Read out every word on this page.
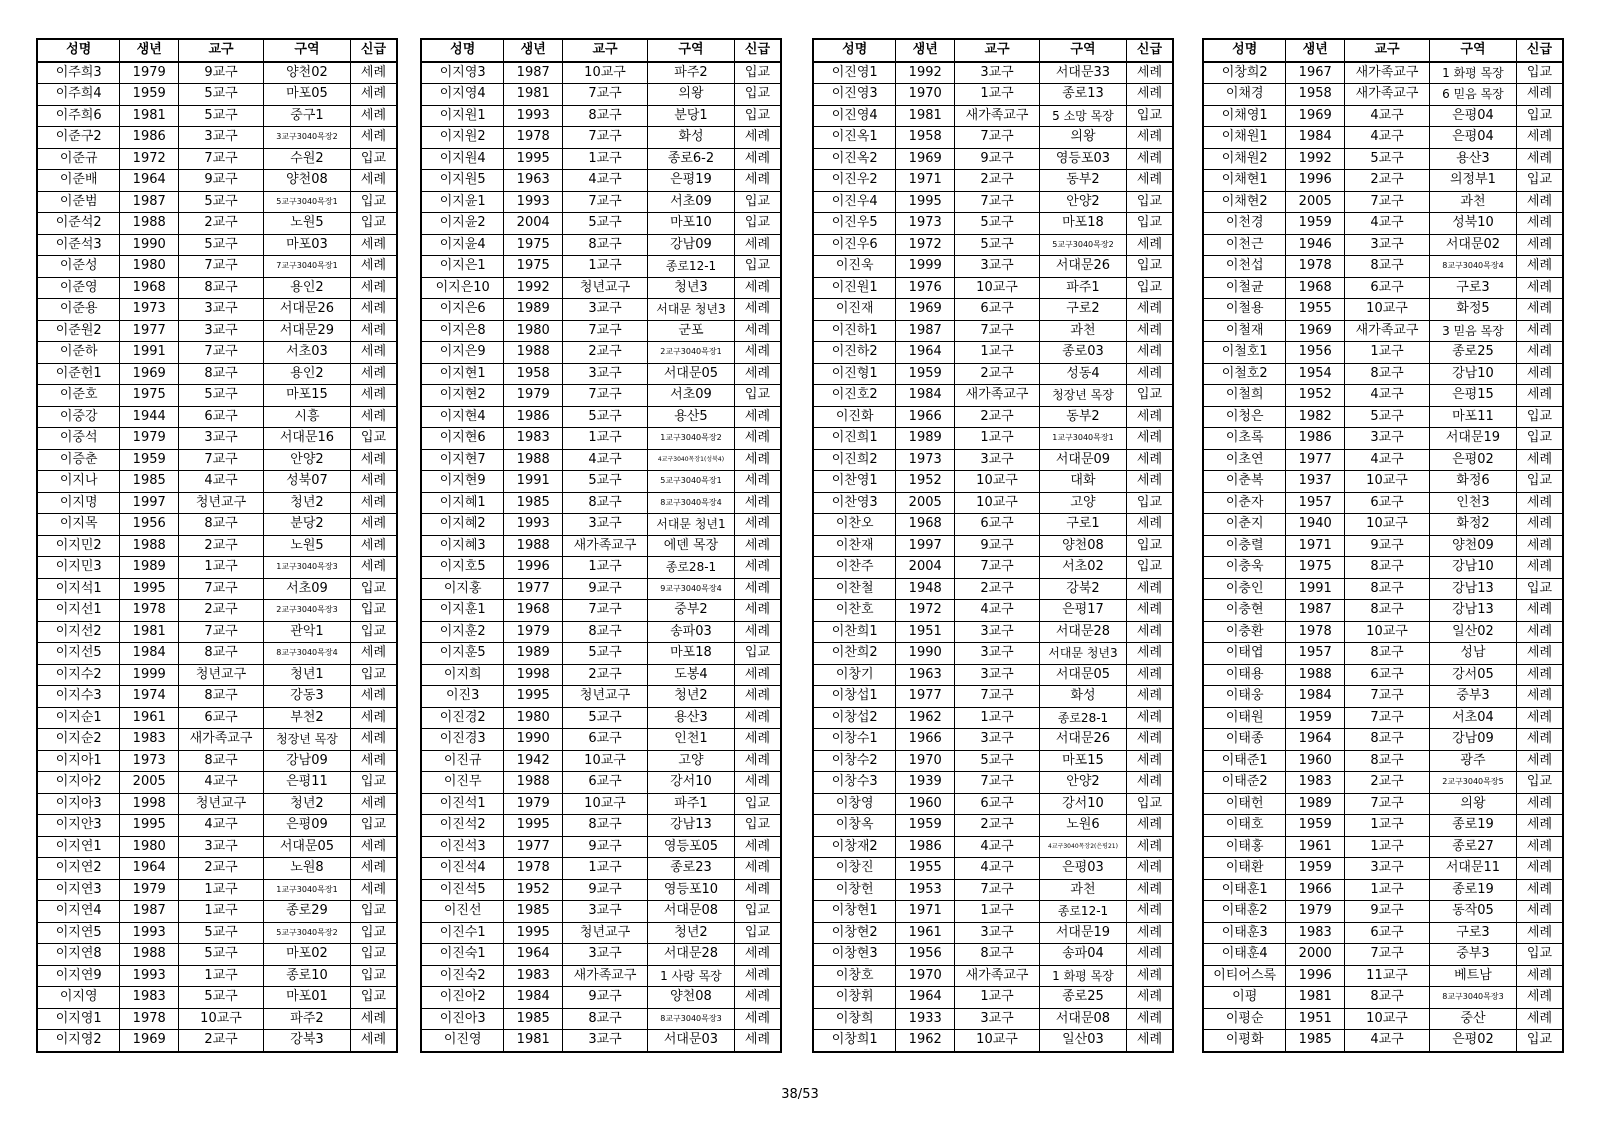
성명	생년	교구	구역	신급
이주희3	1979	9교구	양천02	세례
이주희4	1959	5교구	마포05	세례
이주희6	1981	5교구	중구1	세례
이준구2	1986	3교구	3교구3040목장2	세례
이준규	1972	7교구	수원2	입교
이준배	1964	9교구	양천08	세례
이준범	1987	5교구	5교구3040목장1	입교
이준석2	1988	2교구	노원5	입교
이준석3	1990	5교구	마포03	세례
이준성	1980	7교구	7교구3040목장1	세례
이준영	1968	8교구	용인2	세례
이준용	1973	3교구	서대문26	세례
이준원2	1977	3교구	서대문29	세례
이준하	1991	7교구	서초03	세례
이준헌1	1969	8교구	용인2	세례
이준호	1975	5교구	마포15	세례
이중강	1944	6교구	시흥	세례
이중석	1979	3교구	서대문16	입교
이증춘	1959	7교구	안양2	세례
이지나	1985	4교구	성북07	세례
이지명	1997	청년교구	청년2	세례
이지목	1956	8교구	분당2	세례
이지민2	1988	2교구	노원5	세례
이지민3	1989	1교구	1교구3040목장3	세례
이지석1	1995	7교구	서초09	입교
이지선1	1978	2교구	2교구3040목장3	입교
이지선2	1981	7교구	관악1	입교
이지선5	1984	8교구	8교구3040목장4	세례
이지수2	1999	청년교구	청년1	입교
이지수3	1974	8교구	강동3	세례
이지순1	1961	6교구	부천2	세례
이지순2	1983	새가족교구	청장년 목장	세례
이지아1	1973	8교구	강남09	세례
이지아2	2005	4교구	은평11	입교
이지아3	1998	청년교구	청년2	세례
이지안3	1995	4교구	은평09	입교
이지연1	1980	3교구	서대문05	세례
이지연2	1964	2교구	노원8	세례
이지연3	1979	1교구	1교구3040목장1	세례
이지연4	1987	1교구	종로29	입교
이지연5	1993	5교구	5교구3040목장2	입교
이지연8	1988	5교구	마포02	입교
이지연9	1993	1교구	종로10	입교
이지영	1983	5교구	마포01	입교
이지영1	1978	10교구	파주2	세례
이지영2	1969	2교구	강북3	세례
성명	생년	교구	구역	신급
이지영3	1987	10교구	파주2	입교
이지영4	1981	7교구	의왕	입교
이지원1	1993	8교구	분당1	입교
이지원2	1978	7교구	화성	세례
이지원4	1995	1교구	종로6-2	세례
이지원5	1963	4교구	은평19	세례
이지윤1	1993	7교구	서초09	입교
이지윤2	2004	5교구	마포10	입교
이지윤4	1975	8교구	강남09	세례
이지은1	1975	1교구	종로12-1	입교
이지은10	1992	청년교구	청년3	세례
이지은6	1989	3교구	서대문 청년3	세례
이지은8	1980	7교구	군포	세례
이지은9	1988	2교구	2교구3040목장1	세례
이지현1	1958	3교구	서대문05	세례
이지현2	1979	7교구	서초09	입교
이지현4	1986	5교구	용산5	세례
이지현6	1983	1교구	1교구3040목장2	세례
이지현7	1988	4교구	4교구3040목장1(성북4)	세례
이지현9	1991	5교구	5교구3040목장1	세례
이지혜1	1985	8교구	8교구3040목장4	세례
이지혜2	1993	3교구	서대문 청년1	세례
이지혜3	1988	새가족교구	에덴 목장	세례
이지호5	1996	1교구	종로28-1	세례
이지홍	1977	9교구	9교구3040목장4	세례
이지훈1	1968	7교구	중부2	세례
이지훈2	1979	8교구	송파03	세례
이지훈5	1989	5교구	마포18	입교
이지희	1998	2교구	도봉4	세례
이진3	1995	청년교구	청년2	세례
이진경2	1980	5교구	용산3	세례
이진경3	1990	6교구	인천1	세례
이진규	1942	10교구	고양	세례
이진무	1988	6교구	강서10	세례
이진석1	1979	10교구	파주1	입교
이진석2	1995	8교구	강남13	입교
이진석3	1977	9교구	영등포05	세례
이진석4	1978	1교구	종로23	세례
이진석5	1952	9교구	영등포10	세례
이진선	1985	3교구	서대문08	입교
이진수1	1995	청년교구	청년2	입교
이진숙1	1964	3교구	서대문28	세례
이진숙2	1983	새가족교구	1 사랑 목장	세례
이진아2	1984	9교구	양천08	세례
이진아3	1985	8교구	8교구3040목장3	세례
이진영	1981	3교구	서대문03	세례
성명	생년	교구	구역	신급
이진영1	1992	3교구	서대문33	세례
이진영3	1970	1교구	종로13	세례
이진영4	1981	새가족교구	5 소망 목장	입교
이진옥1	1958	7교구	의왕	세례
이진옥2	1969	9교구	영등포03	세례
이진우2	1971	2교구	동부2	세례
이진우4	1995	7교구	안양2	입교
이진우5	1973	5교구	마포18	입교
이진우6	1972	5교구	5교구3040목장2	세례
이진욱	1999	3교구	서대문26	입교
이진원1	1976	10교구	파주1	입교
이진재	1969	6교구	구로2	세례
이진하1	1987	7교구	과천	세례
이진하2	1964	1교구	종로03	세례
이진형1	1959	2교구	성동4	세례
이진호2	1984	새가족교구	청장년 목장	입교
이진화	1966	2교구	동부2	세례
이진희1	1989	1교구	1교구3040목장1	세례
이진희2	1973	3교구	서대문09	세례
이찬영1	1952	10교구	대화	세례
이찬영3	2005	10교구	고양	입교
이찬오	1968	6교구	구로1	세례
이찬재	1997	9교구	양천08	입교
이찬주	2004	7교구	서초02	입교
이찬철	1948	2교구	강북2	세례
이찬호	1972	4교구	은평17	세례
이찬희1	1951	3교구	서대문28	세례
이찬희2	1990	3교구	서대문 청년3	세례
이창기	1963	3교구	서대문05	세례
이창섭1	1977	7교구	화성	세례
이창섭2	1962	1교구	종로28-1	세례
이창수1	1966	3교구	서대문26	세례
이창수2	1970	5교구	마포15	세례
이창수3	1939	7교구	안양2	세례
이창영	1960	6교구	강서10	입교
이창옥	1959	2교구	노원6	세례
이창재2	1986	4교구	4교구3040목장2(은평21)	세례
이창진	1955	4교구	은평03	세례
이창헌	1953	7교구	과천	세례
이창현1	1971	1교구	종로12-1	세례
이창현2	1961	3교구	서대문19	세례
이창현3	1956	8교구	송파04	세례
이창호	1970	새가족교구	1 화평 목장	세례
이창휘	1964	1교구	종로25	세례
이창희	1933	3교구	서대문08	세례
이창희1	1962	10교구	일산03	세례
성명	생년	교구	구역	신급
이창희2	1967	새가족교구	1 화평 목장	입교
이채경	1958	새가족교구	6 믿음 목장	세례
이채영1	1969	4교구	은평04	입교
이채원1	1984	4교구	은평04	세례
이채원2	1992	5교구	용산3	세례
이채현1	1996	2교구	의정부1	입교
이채현2	2005	7교구	과천	세례
이천경	1959	4교구	성북10	세례
이천근	1946	3교구	서대문02	세례
이천섭	1978	8교구	8교구3040목장4	세례
이철균	1968	6교구	구로3	세례
이철용	1955	10교구	화정5	세례
이철재	1969	새가족교구	3 믿음 목장	세례
이철호1	1956	1교구	종로25	세례
이철호2	1954	8교구	강남10	세례
이철희	1952	4교구	은평15	세례
이청은	1982	5교구	마포11	입교
이초록	1986	3교구	서대문19	입교
이초연	1977	4교구	은평02	세례
이춘복	1937	10교구	화정6	입교
이춘자	1957	6교구	인천3	세례
이춘지	1940	10교구	화정2	세례
이충렬	1971	9교구	양천09	세례
이충욱	1975	8교구	강남10	세례
이충인	1991	8교구	강남13	입교
이충현	1987	8교구	강남13	세례
이충환	1978	10교구	일산02	세례
이태엽	1957	8교구	성남	세례
이태용	1988	6교구	강서05	세례
이태웅	1984	7교구	중부3	세례
이태원	1959	7교구	서초04	세례
이태종	1964	8교구	강남09	세례
이태준1	1960	8교구	광주	세례
이태준2	1983	2교구	2교구3040목장5	입교
이태헌	1989	7교구	의왕	세례
이태호	1959	1교구	종로19	세례
이태홍	1961	1교구	종로27	세례
이태환	1959	3교구	서대문11	세례
이태훈1	1966	1교구	종로19	세례
이태훈2	1979	9교구	동작05	세례
이태훈3	1983	6교구	구로3	세례
이태훈4	2000	7교구	중부3	입교
이티어스록	1996	11교구	베트남	세례
이평	1981	8교구	8교구3040목장3	세례
이평순	1951	10교구	중산	세례
이평화	1985	4교구	은평02	입교
38/53
